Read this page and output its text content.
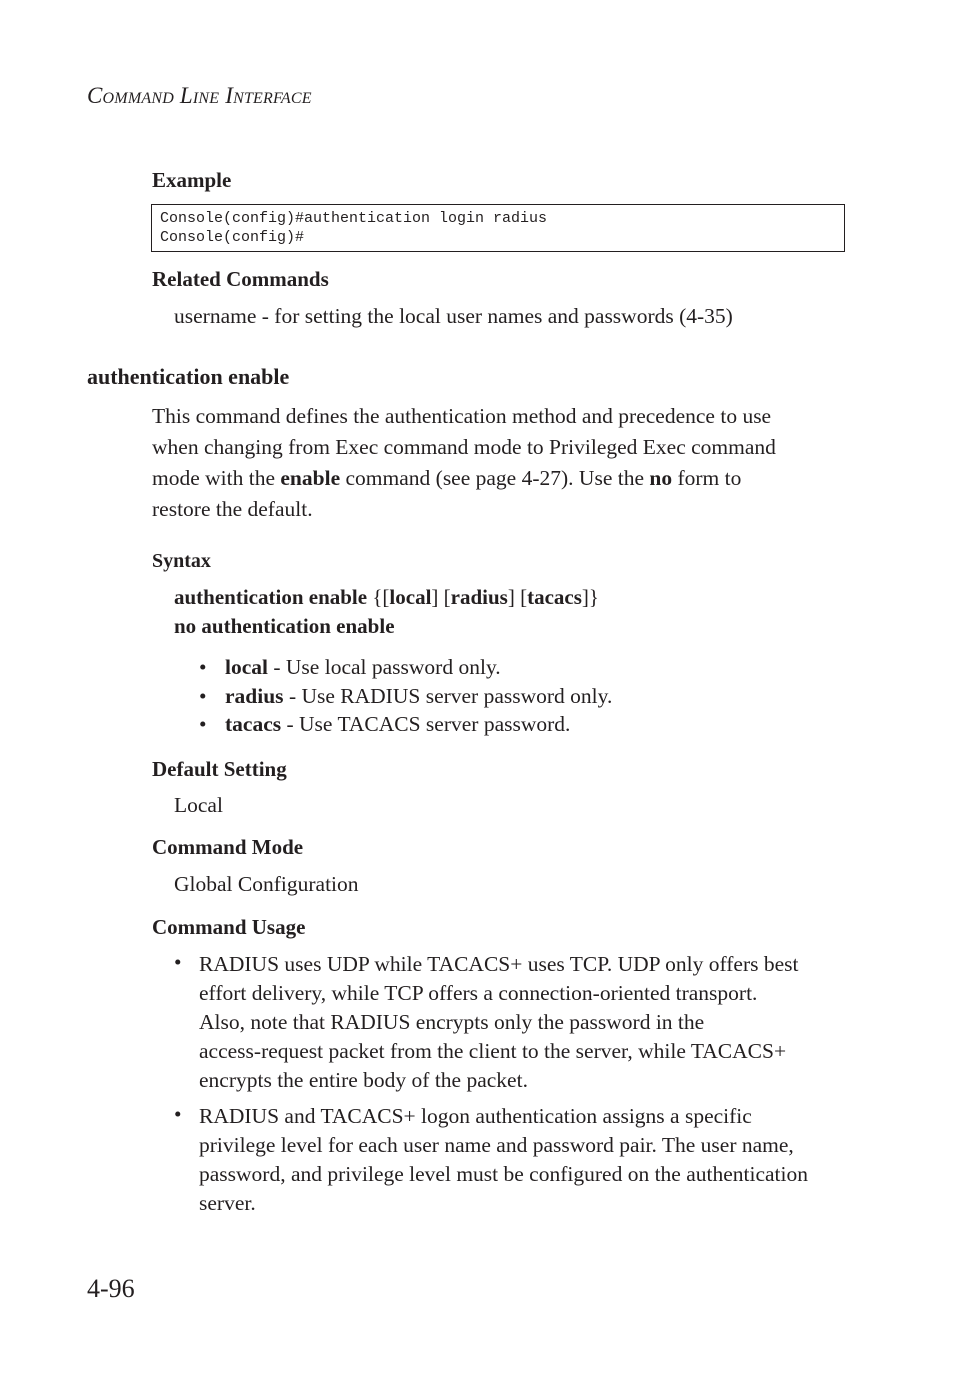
Command Line Interface
Example
Console(config)#authentication login radius
Console(config)#
Related Commands
username - for setting the local user names and passwords (4-35)
authentication enable
This command defines the authentication method and precedence to use
when changing from Exec command mode to Privileged Exec command
mode with the enable command (see page 4-27). Use the no form to
restore the default.
Syntax
authentication enable {[local] [radius] [tacacs]}
no authentication enable
• local - Use local password only.
• radius - Use RADIUS server password only.
• tacacs - Use TACACS server password.
Default Setting
Local
Command Mode
Global Configuration
Command Usage
• RADIUS uses UDP while TACACS+ uses TCP. UDP only offers best
effort delivery, while TCP offers a connection-oriented transport.
Also, note that RADIUS encrypts only the password in the
access-request packet from the client to the server, while TACACS+
encrypts the entire body of the packet.
• RADIUS and TACACS+ logon authentication assigns a specific
privilege level for each user name and password pair. The user name,
password, and privilege level must be configured on the authentication
server.
4-96
